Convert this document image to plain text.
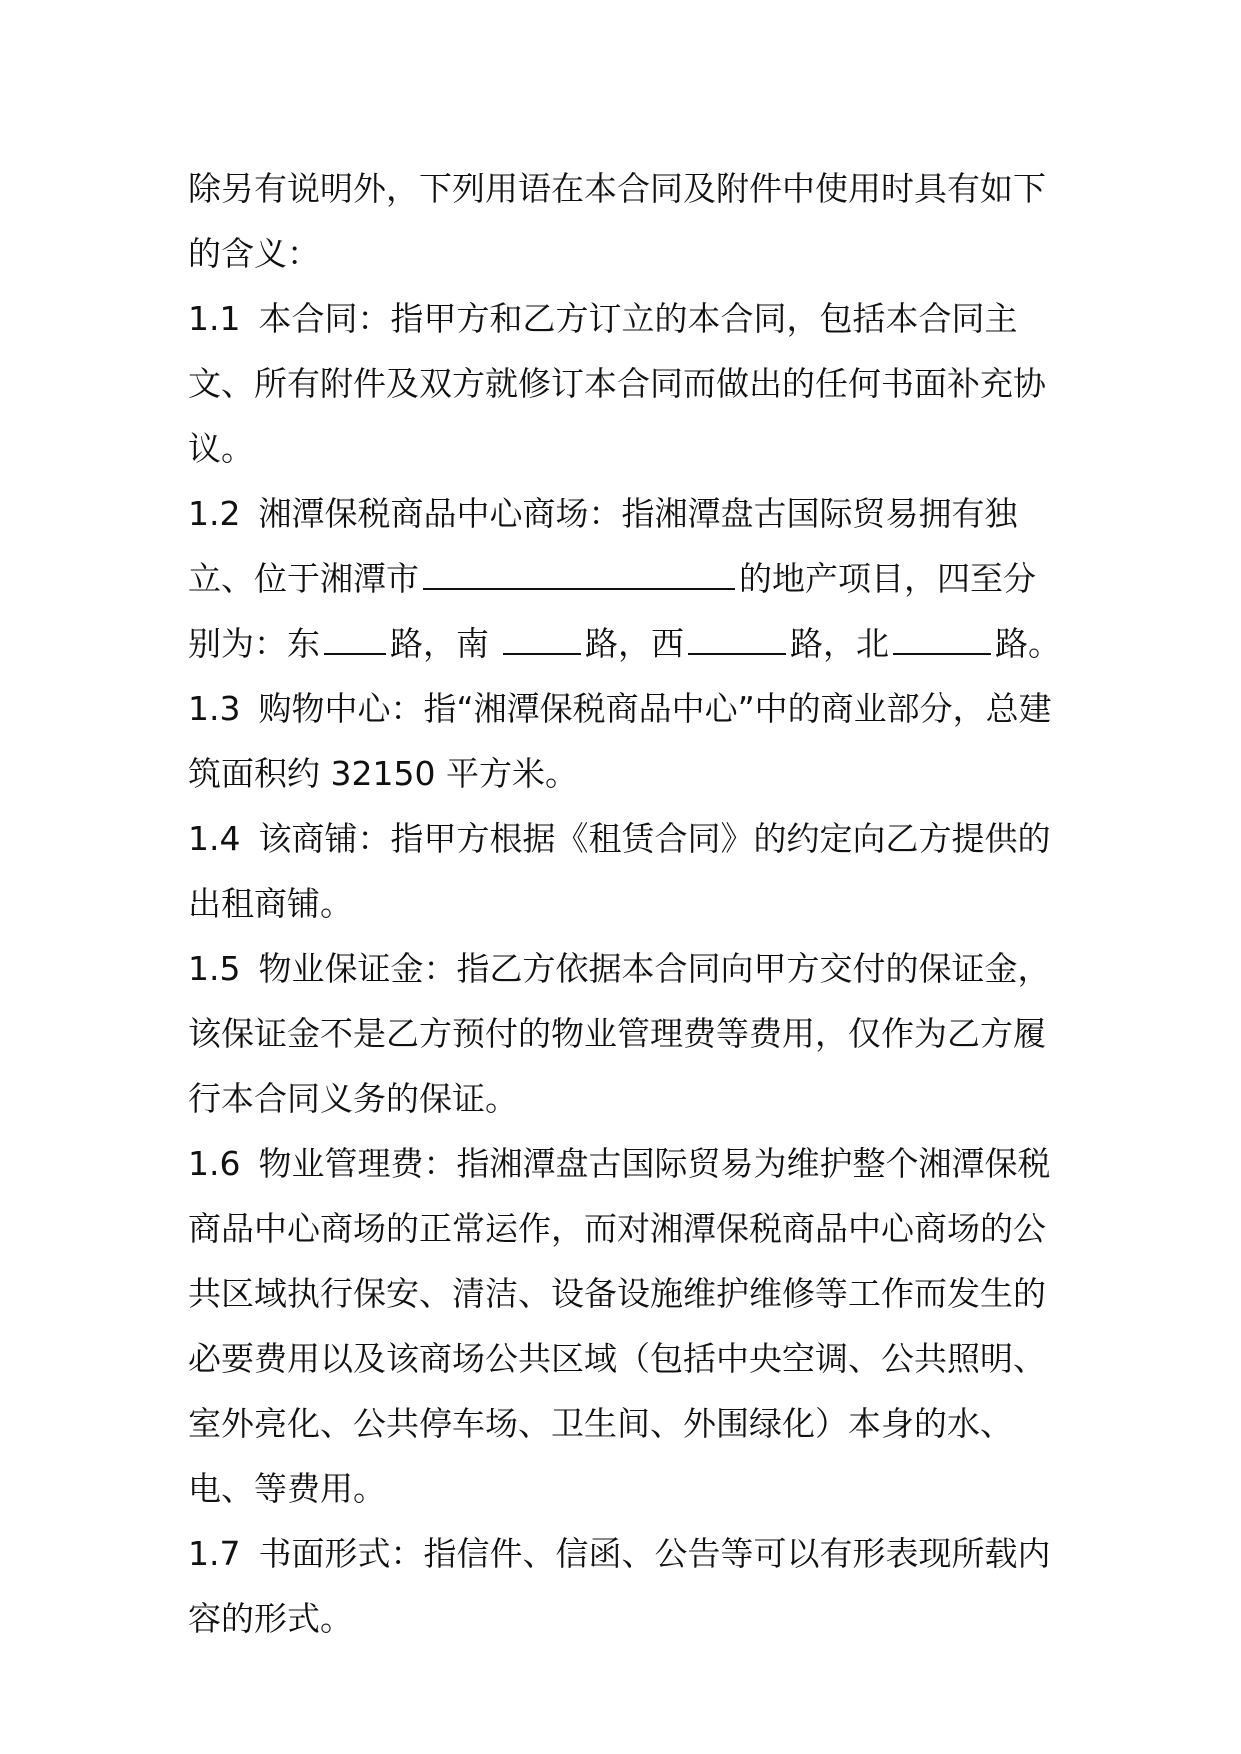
除另有说明外，下列用语在本合同及附件中使用时具有如下的含义：

1.1 本合同：指甲方和乙方订立的本合同，包括本合同主文、所有附件及双方就修订本合同而做出的任何书面补充协议。

1.2 湘潭保税商品中心商场：指湘潭盘古国际贸易拥有独立、位于湘潭市	的地产项目，四至分别为：东 路，南	路，西	路，北	路。

1.3 购物中心：指“湘潭保税商品中心”中的商业部分，总建筑面积约 32150 平方米。

1.4 该商铺：指甲方根据《租赁合同》的约定向乙方提供的出租商铺。

1.5 物业保证金：指乙方依据本合同向甲方交付的保证金，该保证金不是乙方预付的物业管理费等费用，仅作为乙方履行本合同义务的保证。

1.6 物业管理费：指湘潭盘古国际贸易为维护整个湘潭保税商品中心商场的正常运作，而对湘潭保税商品中心商场的公共区域执行保安、清洁、设备设施维护维修等工作而发生的必要费用以及该商场公共区域（包括中央空调、公共照明、室外亮化、公共停车场、卫生间、外围绿化）本身的水、电、等费用。

1.7 书面形式：指信件、信函、公告等可以有形表现所载内容的形式。
